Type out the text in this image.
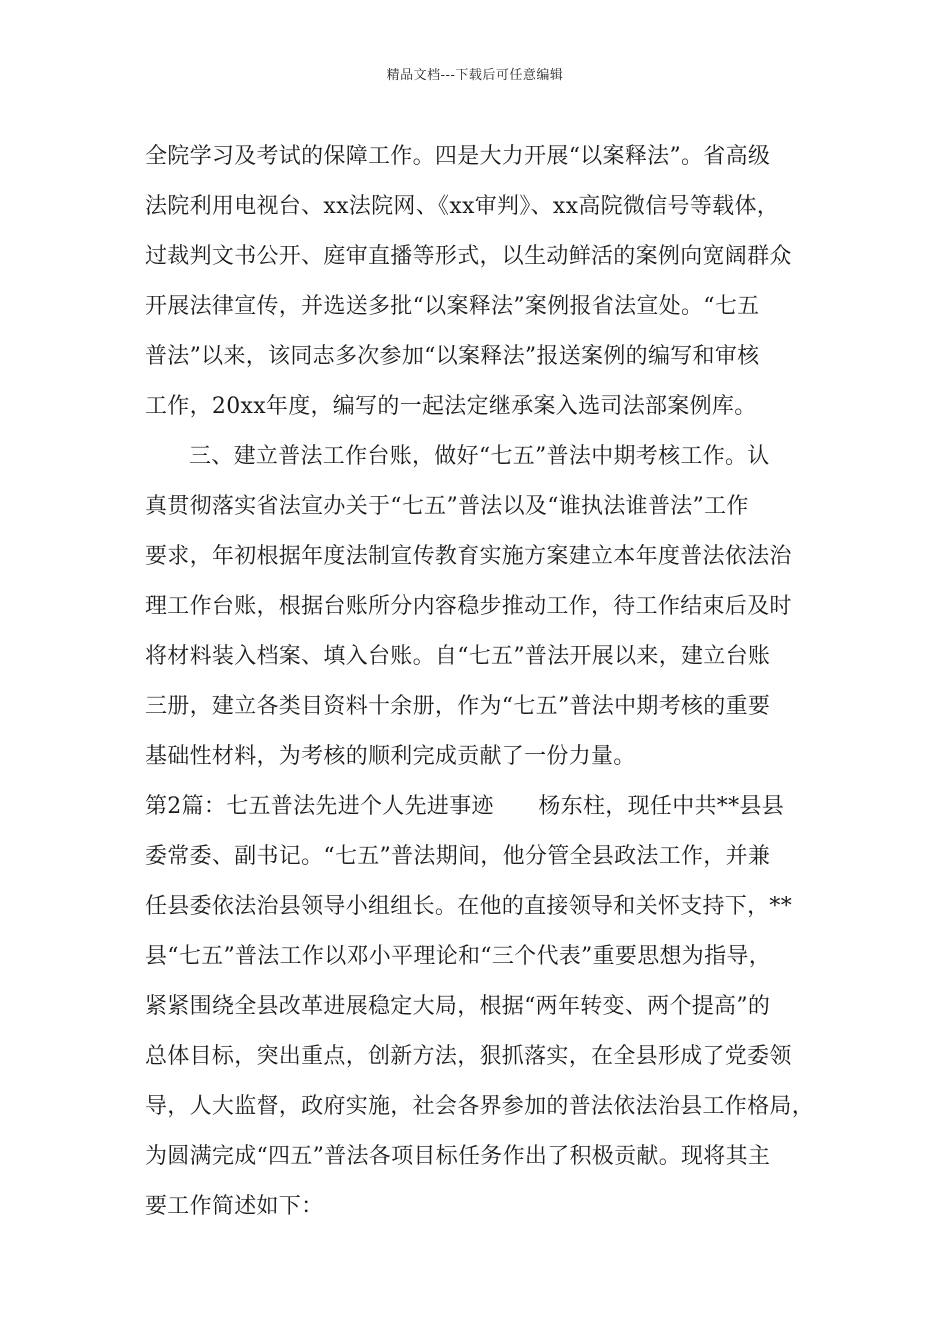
精品文档---下载后可任意编辑
全院学习及考试的保障工作。四是大力开展“以案释法”。省高级
法院利用电视台、xx法院网、《xx审判》、xx高院微信号等载体，
过裁判文书公开、庭审直播等形式，以生动鲜活的案例向宽阔群众
开展法律宣传，并选送多批“以案释法”案例报省法宣处。“七五
普法”以来，该同志多次参加“以案释法”报送案例的编写和审核
工作，20xx年度，编写的一起法定继承案入选司法部案例库。
三、建立普法工作台账，做好“七五”普法中期考核工作。认
真贯彻落实省法宣办关于“七五”普法以及“谁执法谁普法”工作
要求，年初根据年度法制宣传教育实施方案建立本年度普法依法治
理工作台账，根据台账所分内容稳步推动工作，待工作结束后及时
将材料装入档案、填入台账。自“七五”普法开展以来，建立台账
三册，建立各类目资料十余册，作为“七五”普法中期考核的重要
基础性材料，为考核的顺利完成贡献了一份力量。
第2篇：七五普法先进个人先进事迹　　杨东柱，现任中共**县县
委常委、副书记。“七五”普法期间，他分管全县政法工作，并兼
任县委依法治县领导小组组长。在他的直接领导和关怀支持下，**
县“七五”普法工作以邓小平理论和“三个代表”重要思想为指导，
紧紧围绕全县改革进展稳定大局，根据“两年转变、两个提高”的
总体目标，突出重点，创新方法，狠抓落实，在全县形成了党委领
导，人大监督，政府实施，社会各界参加的普法依法治县工作格局，
为圆满完成“四五”普法各项目标任务作出了积极贡献。现将其主
要工作简述如下：
